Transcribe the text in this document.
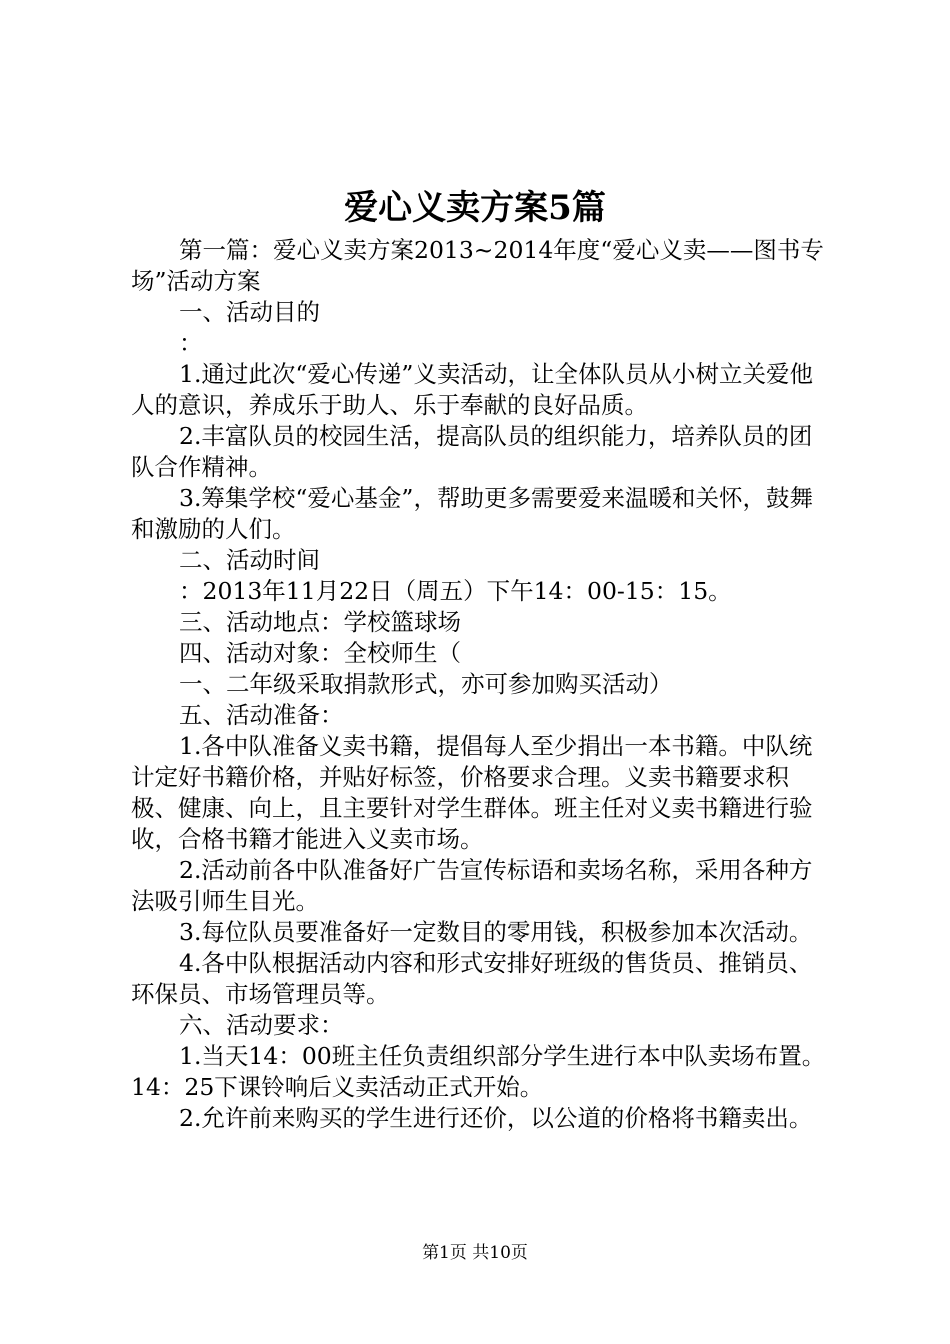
爱心义卖方案5篇

第一篇：爱心义卖方案2013~2014年度“爱心义卖——图书专场”活动方案

一、活动目的

：

1.通过此次“爱心传递”义卖活动，让全体队员从小树立关爱他人的意识，养成乐于助人、乐于奉献的良好品质。

2.丰富队员的校园生活，提高队员的组织能力，培养队员的团队合作精神。

3.筹集学校“爱心基金”，帮助更多需要爱来温暖和关怀，鼓舞和激励的人们。

二、活动时间

：2013年11月22日（周五）下午14：00-15：15。

三、活动地点：学校篮球场

四、活动对象：全校师生（

一、二年级采取捐款形式，亦可参加购买活动）

五、活动准备：

1.各中队准备义卖书籍，提倡每人至少捐出一本书籍。中队统计定好书籍价格，并贴好标签，价格要求合理。义卖书籍要求积极、健康、向上，且主要针对学生群体。班主任对义卖书籍进行验收，合格书籍才能进入义卖市场。

2.活动前各中队准备好广告宣传标语和卖场名称，采用各种方法吸引师生目光。

3.每位队员要准备好一定数目的零用钱，积极参加本次活动。

4.各中队根据活动内容和形式安排好班级的售货员、推销员、环保员、市场管理员等。

六、活动要求：

1.当天14：00班主任负责组织部分学生进行本中队卖场布置。14：25下课铃响后义卖活动正式开始。

2.允许前来购买的学生进行还价，以公道的价格将书籍卖出。

第1页 共10页
